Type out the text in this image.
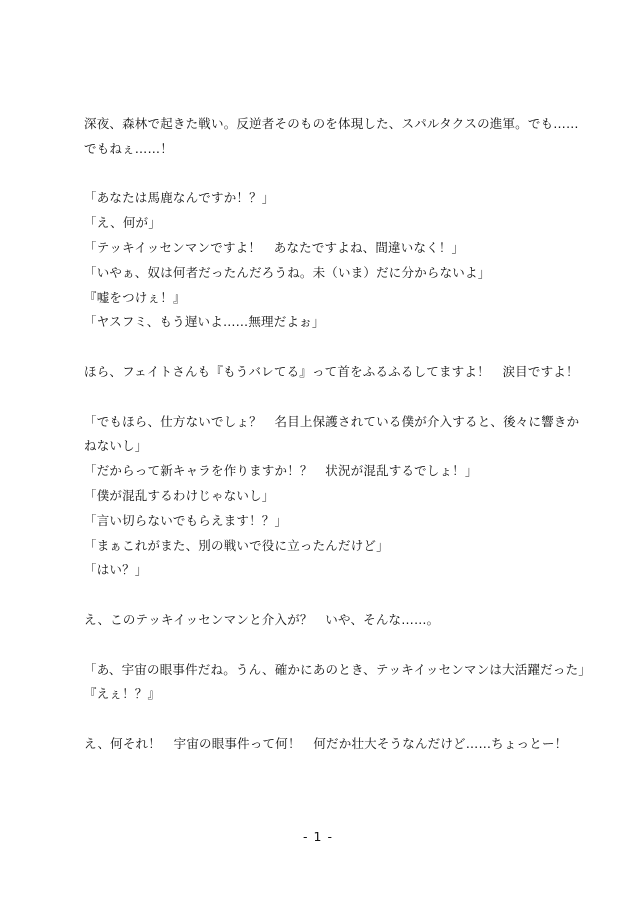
深夜、森林で起きた戦い。反逆者そのものを体現した、スパルタクスの進軍。でも……
でもねぇ……！
「あなたは馬鹿なんですか！？」
「え、何が」
「テッキイッセンマンですよ！　あなたですよね、間違いなく！」
「いやぁ、奴は何者だったんだろうね。未（いま）だに分からないよ」
『嘘をつけぇ！』
「ヤスフミ、もう遅いよ……無理だよぉ」
ほら、フェイトさんも『もうバレてる』って首をふるふるしてますよ！　涙目ですよ！
「でもほら、仕方ないでしょ？　名目上保護されている僕が介入すると、後々に響きか
ねないし」
「だからって新キャラを作りますか！？　状況が混乱するでしょ！」
「僕が混乱するわけじゃないし」
「言い切らないでもらえます！？」
「まぁこれがまた、別の戦いで役に立ったんだけど」
「はい？」
え、このテッキイッセンマンと介入が？　いや、そんな……。
「あ、宇宙の眼事件だね。うん、確かにあのとき、テッキイッセンマンは大活躍だった」
『えぇ！？』
え、何それ！　宇宙の眼事件って何！　何だか壮大そうなんだけど……ちょっとー！
- 1 -
